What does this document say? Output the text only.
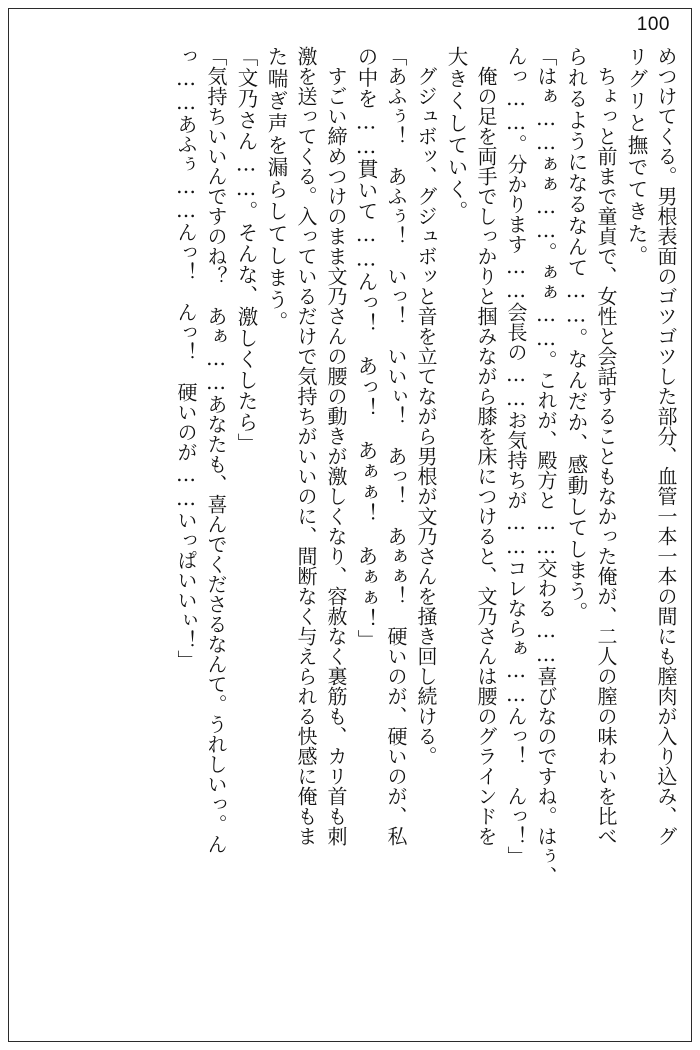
100
めつけてくる。男根表面のゴツゴツした部分、血管一本一本の間にも膣肉が入り込み、グ
リグリと撫でてきた。
　ちょっと前まで童貞で、女性と会話することもなかった俺が、二人の膣の味わいを比べ
られるようになるなんて……。なんだか、感動してしまう。
「はぁ……ぁぁ……。ぁぁ……。これが、殿方と……交わる……喜びなのですね。はぅ、
んっ……。分かります……会長の……お気持ちが……コレならぁ……んっ！　んっ！」
　俺の足を両手でしっかりと掴みながら膝を床につけると、文乃さんは腰のグラインドを
大きくしていく。
　グジュボッ、グジュボッと音を立てながら男根が文乃さんを掻き回し続ける。
「あふぅ！　あふぅ！　いっ！　いいぃ！　あっ！　あぁぁ！　硬いのが、硬いのが、私
の中を……貫いて……んっ！　あっ！　あぁぁ！　あぁぁ！」
　すごい締めつけのまま文乃さんの腰の動きが激しくなり、容赦なく裏筋も、カリ首も刺
激を送ってくる。入っているだけで気持ちがいいのに、間断なく与えられる快感に俺もま
た喘ぎ声を漏らしてしまう。
「文乃さん……。そんな、激しくしたら」
「気持ちいいんですのね？　あぁ……あなたも、喜んでくださるなんて。うれしいっ。ん
っ……あふぅ……んっ！　んっ！　硬いのが……いっぱいいぃ！」
